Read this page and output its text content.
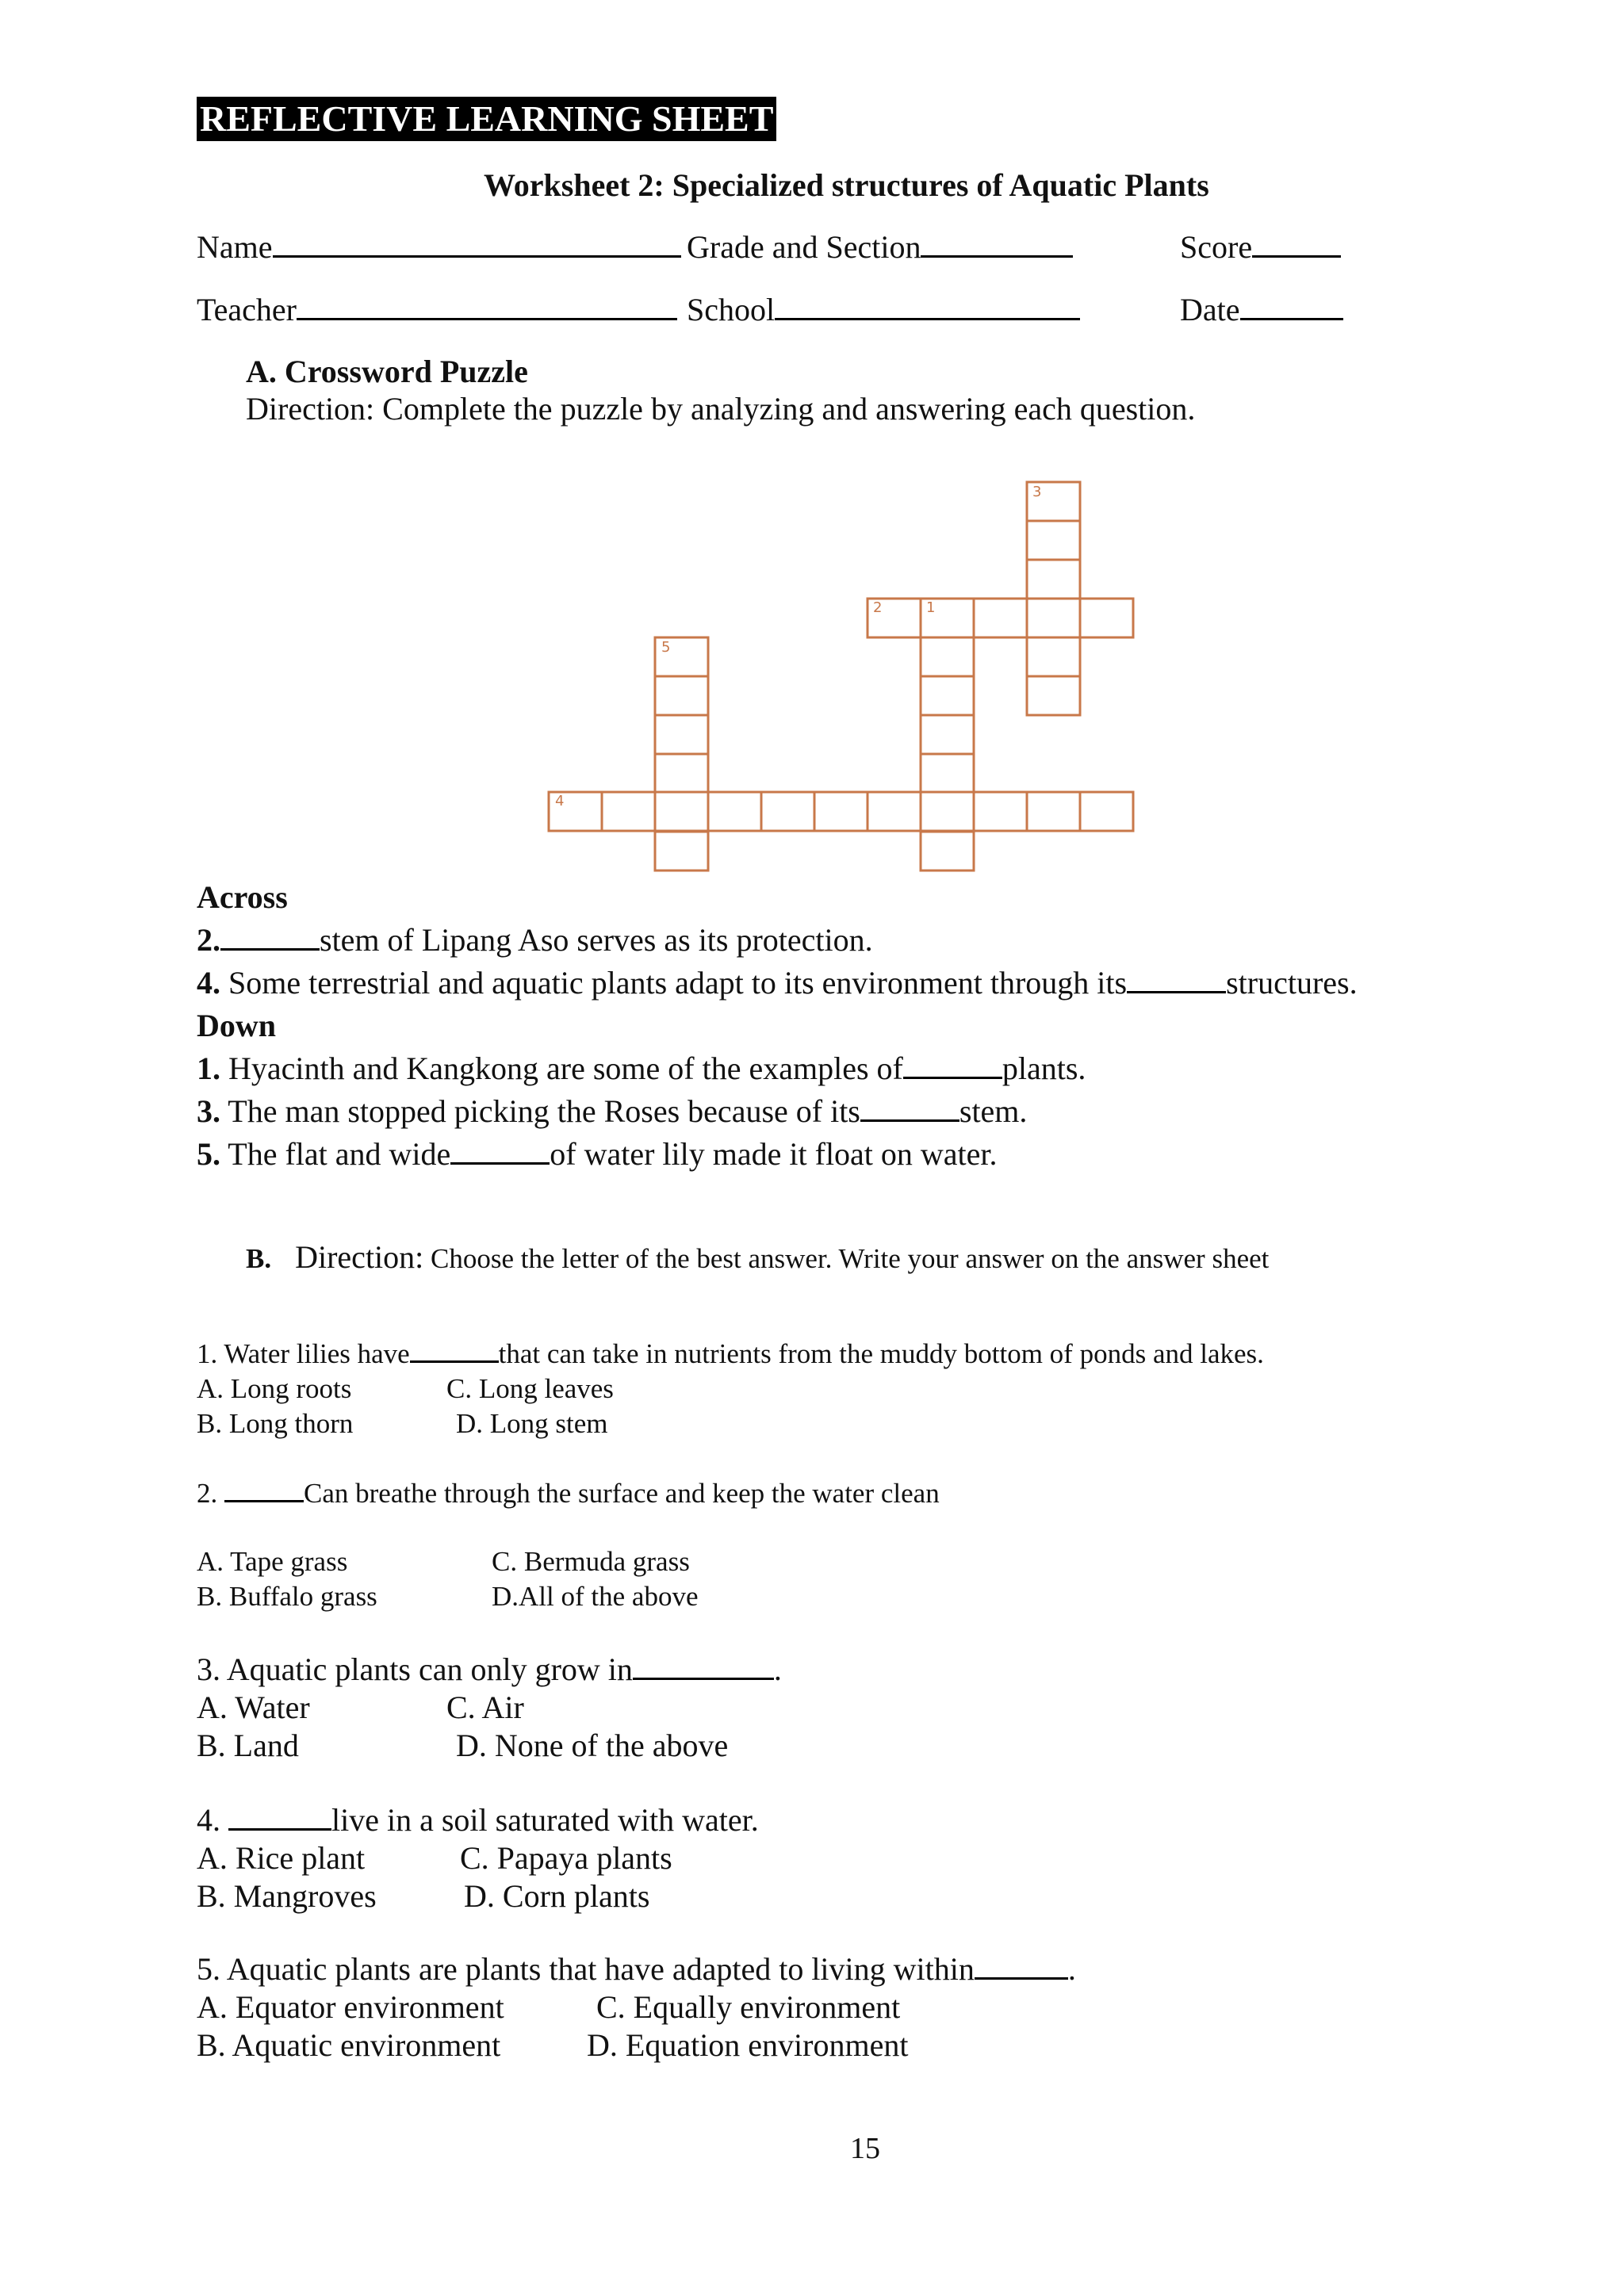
REFLECTIVE LEARNING SHEET
Worksheet 2: Specialized structures of Aquatic Plants
Name	Grade and Section	Score
Teacher	School	Date
A. Crossword Puzzle
Direction: Complete the puzzle by analyzing and answering each question.
3
2	1
5
4
Across
2.	stem of Lipang Aso serves as its protection.
4. Some terrestrial and aquatic plants adapt to its environment through its	structures.
Down
1. Hyacinth and Kangkong are some of the examples of	plants.
3. The man stopped picking the Roses because of its	stem.
5. The flat and wide	of water lily made it float on water.
B. Direction: Choose the letter of the best answer. Write your answer on the answer sheet
1. Water lilies have	that can take in nutrients from the muddy bottom of ponds and lakes.
A. Long roots	C. Long leaves
B. Long thorn	D. Long stem
2.	Can breathe through the surface and keep the water clean
A. Tape grass	C. Bermuda grass
B. Buffalo grass	D.All of the above
3. Aquatic plants can only grow in	.
A. Water	C. Air
B. Land	D. None of the above
4.	live in a soil saturated with water.
A. Rice plant	C. Papaya plants
B. Mangroves	D. Corn plants
5. Aquatic plants are plants that have adapted to living within	.
A. Equator environment	C. Equally environment
B. Aquatic environment	D. Equation environment
15
